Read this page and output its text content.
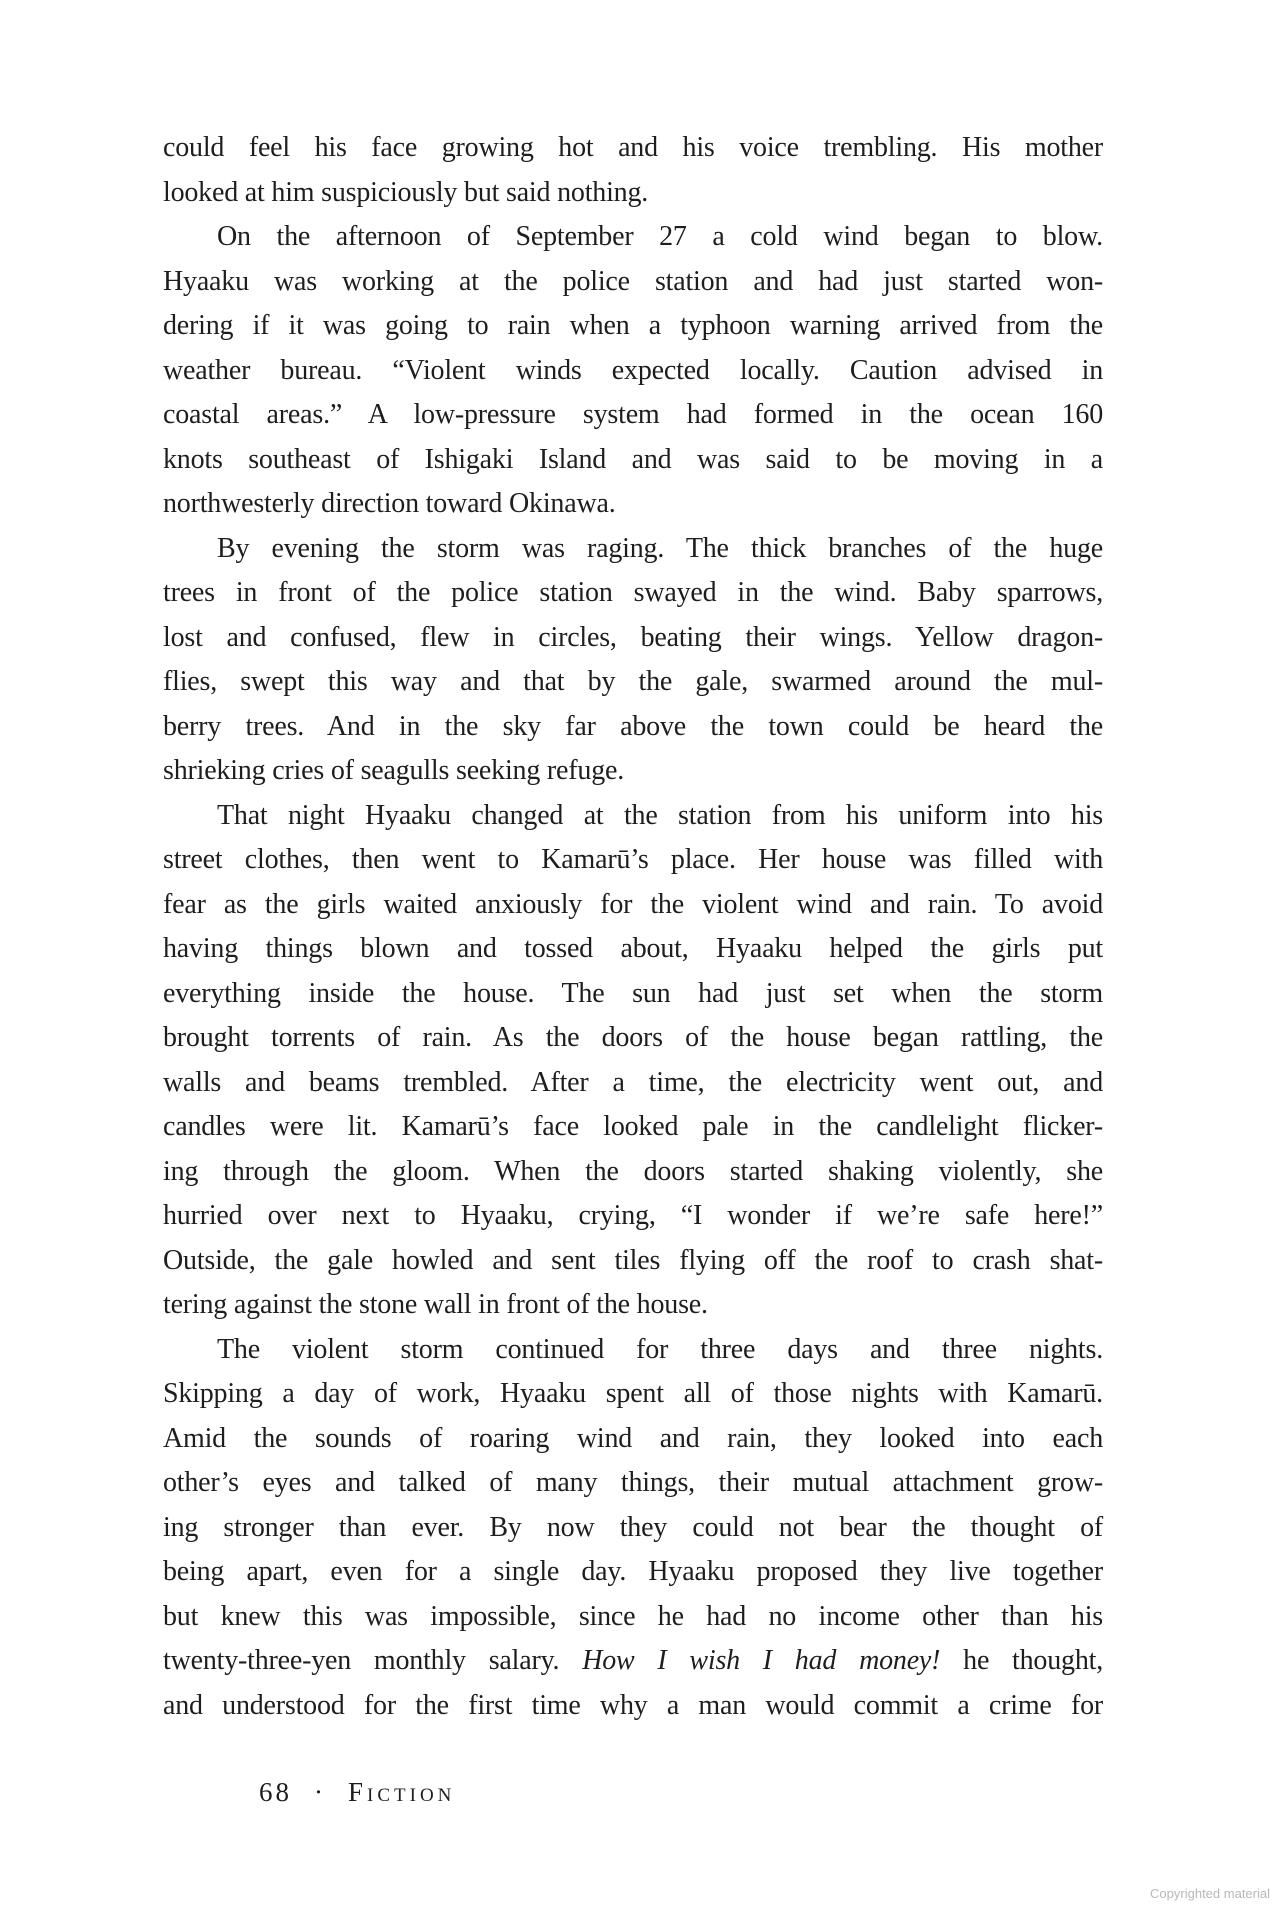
could feel his face growing hot and his voice trembling. His mother
looked at him suspiciously but said nothing.
On the afternoon of September 27 a cold wind began to blow.
Hyaaku was working at the police station and had just started won-
dering if it was going to rain when a typhoon warning arrived from the
weather bureau. “Violent winds expected locally. Caution advised in
coastal areas.” A low-pressure system had formed in the ocean 160
knots southeast of Ishigaki Island and was said to be moving in a
northwesterly direction toward Okinawa.
By evening the storm was raging. The thick branches of the huge
trees in front of the police station swayed in the wind. Baby sparrows,
lost and confused, flew in circles, beating their wings. Yellow dragon-
flies, swept this way and that by the gale, swarmed around the mul-
berry trees. And in the sky far above the town could be heard the
shrieking cries of seagulls seeking refuge.
That night Hyaaku changed at the station from his uniform into his
street clothes, then went to Kamarū’s place. Her house was filled with
fear as the girls waited anxiously for the violent wind and rain. To avoid
having things blown and tossed about, Hyaaku helped the girls put
everything inside the house. The sun had just set when the storm
brought torrents of rain. As the doors of the house began rattling, the
walls and beams trembled. After a time, the electricity went out, and
candles were lit. Kamarū’s face looked pale in the candlelight flicker-
ing through the gloom. When the doors started shaking violently, she
hurried over next to Hyaaku, crying, “I wonder if we’re safe here!”
Outside, the gale howled and sent tiles flying off the roof to crash shat-
tering against the stone wall in front of the house.
The violent storm continued for three days and three nights.
Skipping a day of work, Hyaaku spent all of those nights with Kamarū.
Amid the sounds of roaring wind and rain, they looked into each
other’s eyes and talked of many things, their mutual attachment grow-
ing stronger than ever. By now they could not bear the thought of
being apart, even for a single day. Hyaaku proposed they live together
but knew this was impossible, since he had no income other than his
twenty-three-yen monthly salary. How I wish I had money! he thought,
and understood for the first time why a man would commit a crime for
68 · Fiction
Copyrighted material
